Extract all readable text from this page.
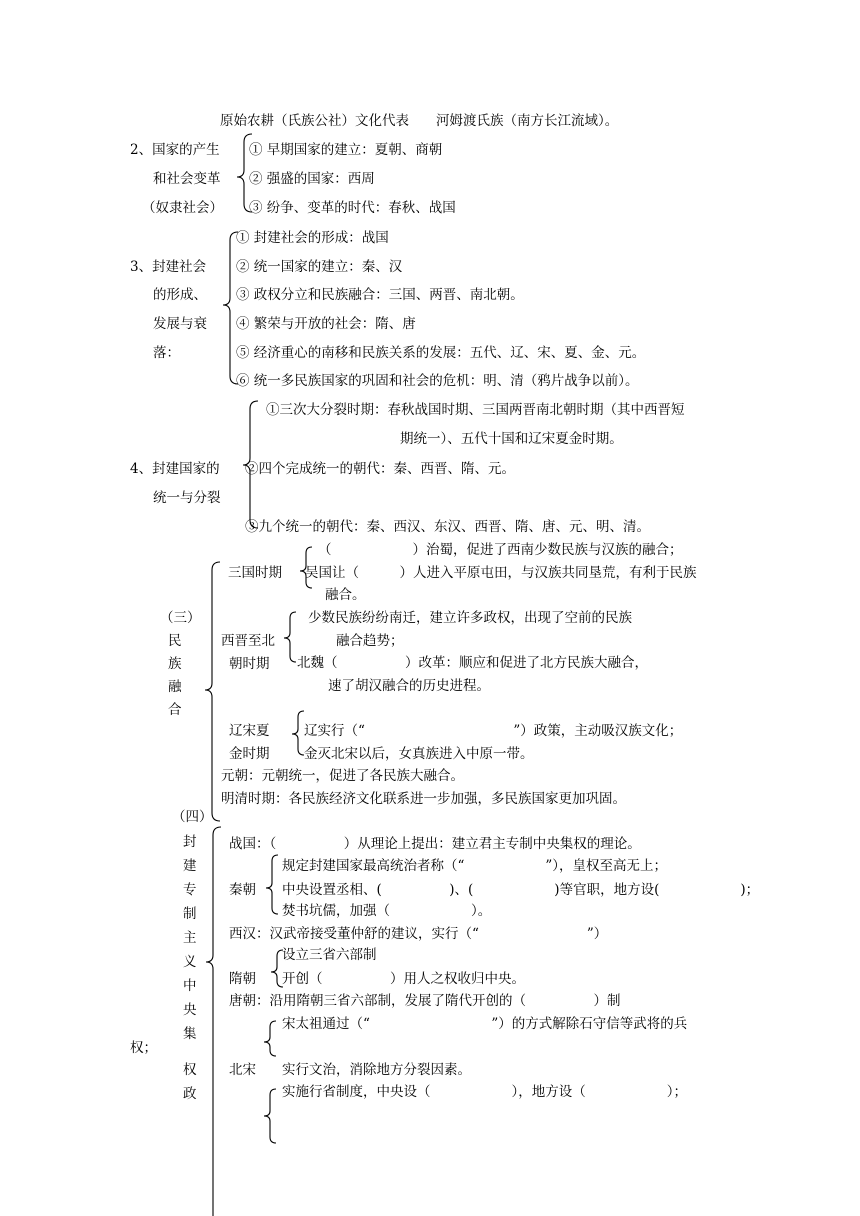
原始农耕（氏族公社）文化代表　　河姆渡氏族（南方长江流域）。
2、国家的产生
和社会变革
（奴隶社会）
① 早期国家的建立：夏朝、商朝
② 强盛的国家：西周
③ 纷争、变革的时代：春秋、战国
3、封建社会
的形成、
发展与衰
落：
① 封建社会的形成：战国
② 统一国家的建立：秦、汉
③ 政权分立和民族融合：三国、两晋、南北朝。
④ 繁荣与开放的社会：隋、唐
⑤ 经济重心的南移和民族关系的发展：五代、辽、宋、夏、金、元。
⑥ 统一多民族国家的巩固和社会的危机：明、清（鸦片战争以前）。
4、封建国家的
统一与分裂
①三次大分裂时期：春秋战国时期、三国两晋南北朝时期（其中西晋短
期统一）、五代十国和辽宋夏金时期。
②四个完成统一的朝代：秦、西晋、隋、元。
③九个统一的朝代：秦、西汉、东汉、西晋、隋、唐、元、明、清。
（三）
民
族
融
合
三国时期
（　　　　　　）治蜀，促进了西南少数民族与汉族的融合；
吴国让（　　　）人进入平原屯田，与汉族共同垦荒，有利于民族
融合。
西晋至北
朝时期
少数民族纷纷南迁，建立许多政权，出现了空前的民族
融合趋势；
北魏（　　　　　）改革：顺应和促进了北方民族大融合，
速了胡汉融合的历史进程。
辽宋夏
金时期
辽实行（“　　　　　　　　　　　”）政策，主动吸汉族文化；
金灭北宋以后，女真族进入中原一带。
元朝：元朝统一，促进了各民族大融合。
明清时期：各民族经济文化联系进一步加强，多民族国家更加巩固。
（四）
封
建
专
制
主
义
中
央
集
权
政
权；
战国：（　　　　　）从理论上提出：建立君主专制中央集权的理论。
秦朝
规定封建国家最高统治者称（“　　　　　　”），皇权至高无上；
中央设置丞相、(　　　　　)、(　　　　　　)等官职，地方设(　　　　　　)；
焚书坑儒，加强（　　　　　　）。
西汉：汉武帝接受董仲舒的建议，实行（“　　　　　　　　”）
隋朝
设立三省六部制
开创（　　　　　）用人之权收归中央。
唐朝：沿用隋朝三省六部制，发展了隋代开创的（　　　　　）制
北宋
宋太祖通过（“　　　　　　　　　”）的方式解除石守信等武将的兵
实行文治，消除地方分裂因素。
实施行省制度，中央设（　　　　　　），地方设（　　　　　　）；
